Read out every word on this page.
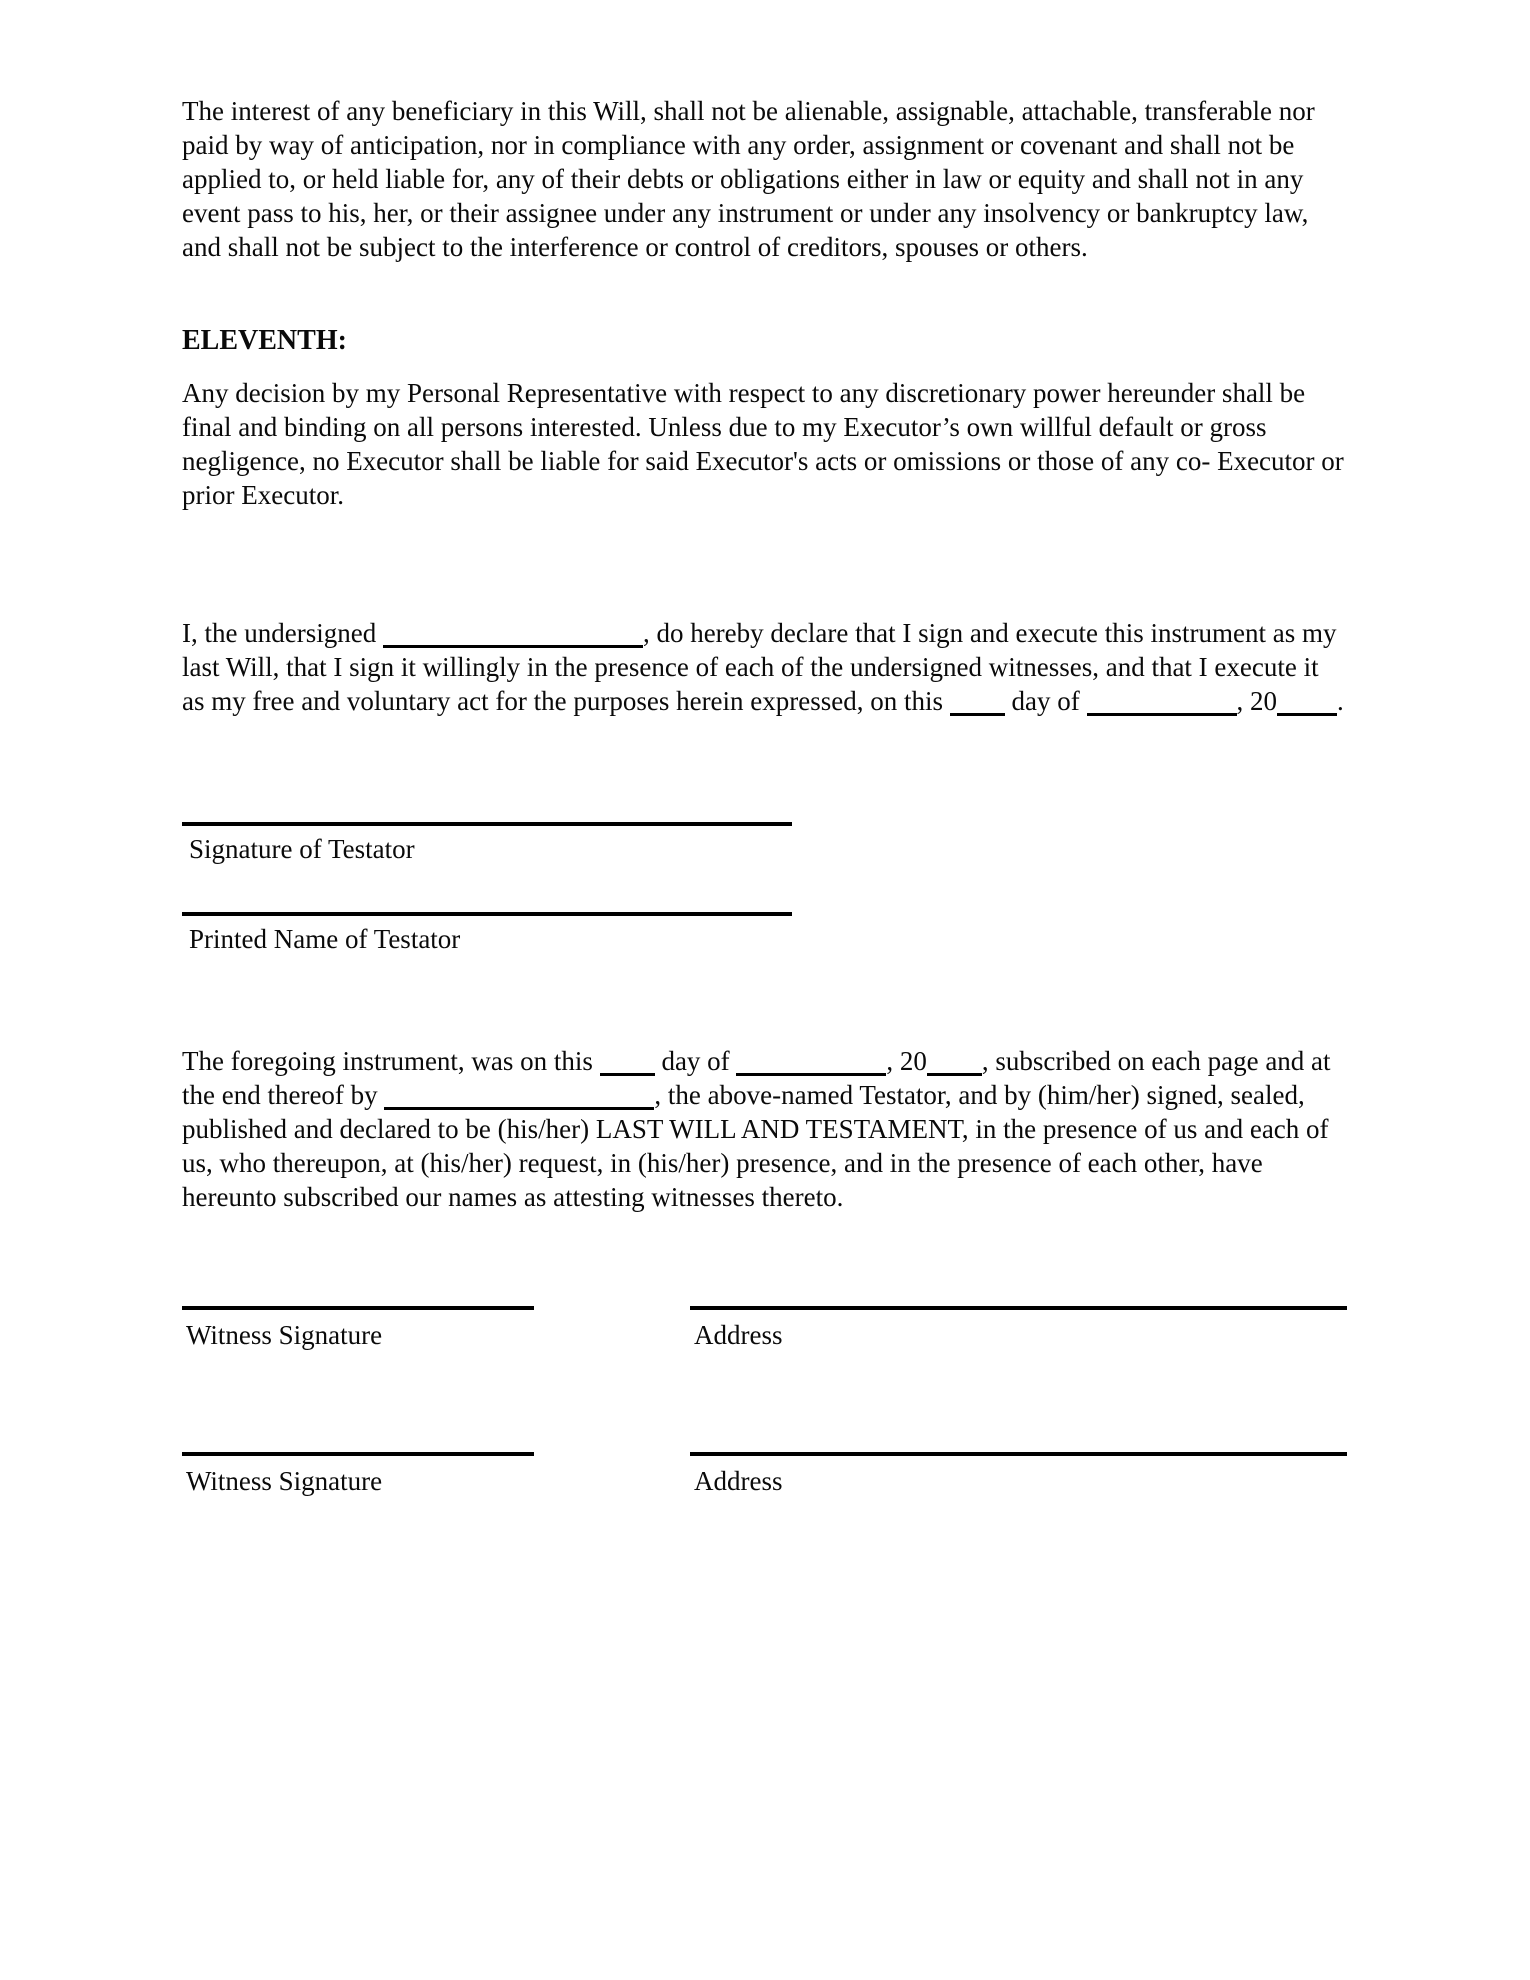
The interest of any beneficiary in this Will, shall not be alienable, assignable, attachable, transferable nor paid by way of anticipation, nor in compliance with any order, assignment or covenant and shall not be applied to, or held liable for, any of their debts or obligations either in law or equity and shall not in any event pass to his, her, or their assignee under any instrument or under any insolvency or bankruptcy law, and shall not be subject to the interference or control of creditors, spouses or others.

ELEVENTH:

Any decision by my Personal Representative with respect to any discretionary power hereunder shall be final and binding on all persons interested. Unless due to my Executor’s own willful default or gross negligence, no Executor shall be liable for said Executor's acts or omissions or those of any co- Executor or prior Executor.

I, the undersigned	, do hereby declare that I sign and execute this instrument as my last Will, that I sign it willingly in the presence of each of the undersigned witnesses, and that I execute it as my free and voluntary act for the purposes herein expressed, on this  day of	, 20 .

Signature of Testator
Printed Name of Testator

The foregoing instrument, was on this  day of	, 20 , subscribed on each page and at the end thereof by	, the above-named Testator, and by (him/her) signed, sealed, published and declared to be (his/her) LAST WILL AND TESTAMENT, in the presence of us and each of us, who thereupon, at (his/her) request, in (his/her) presence, and in the presence of each other, have hereunto subscribed our names as attesting witnesses thereto.

Witness Signature	Address
Witness Signature	Address
